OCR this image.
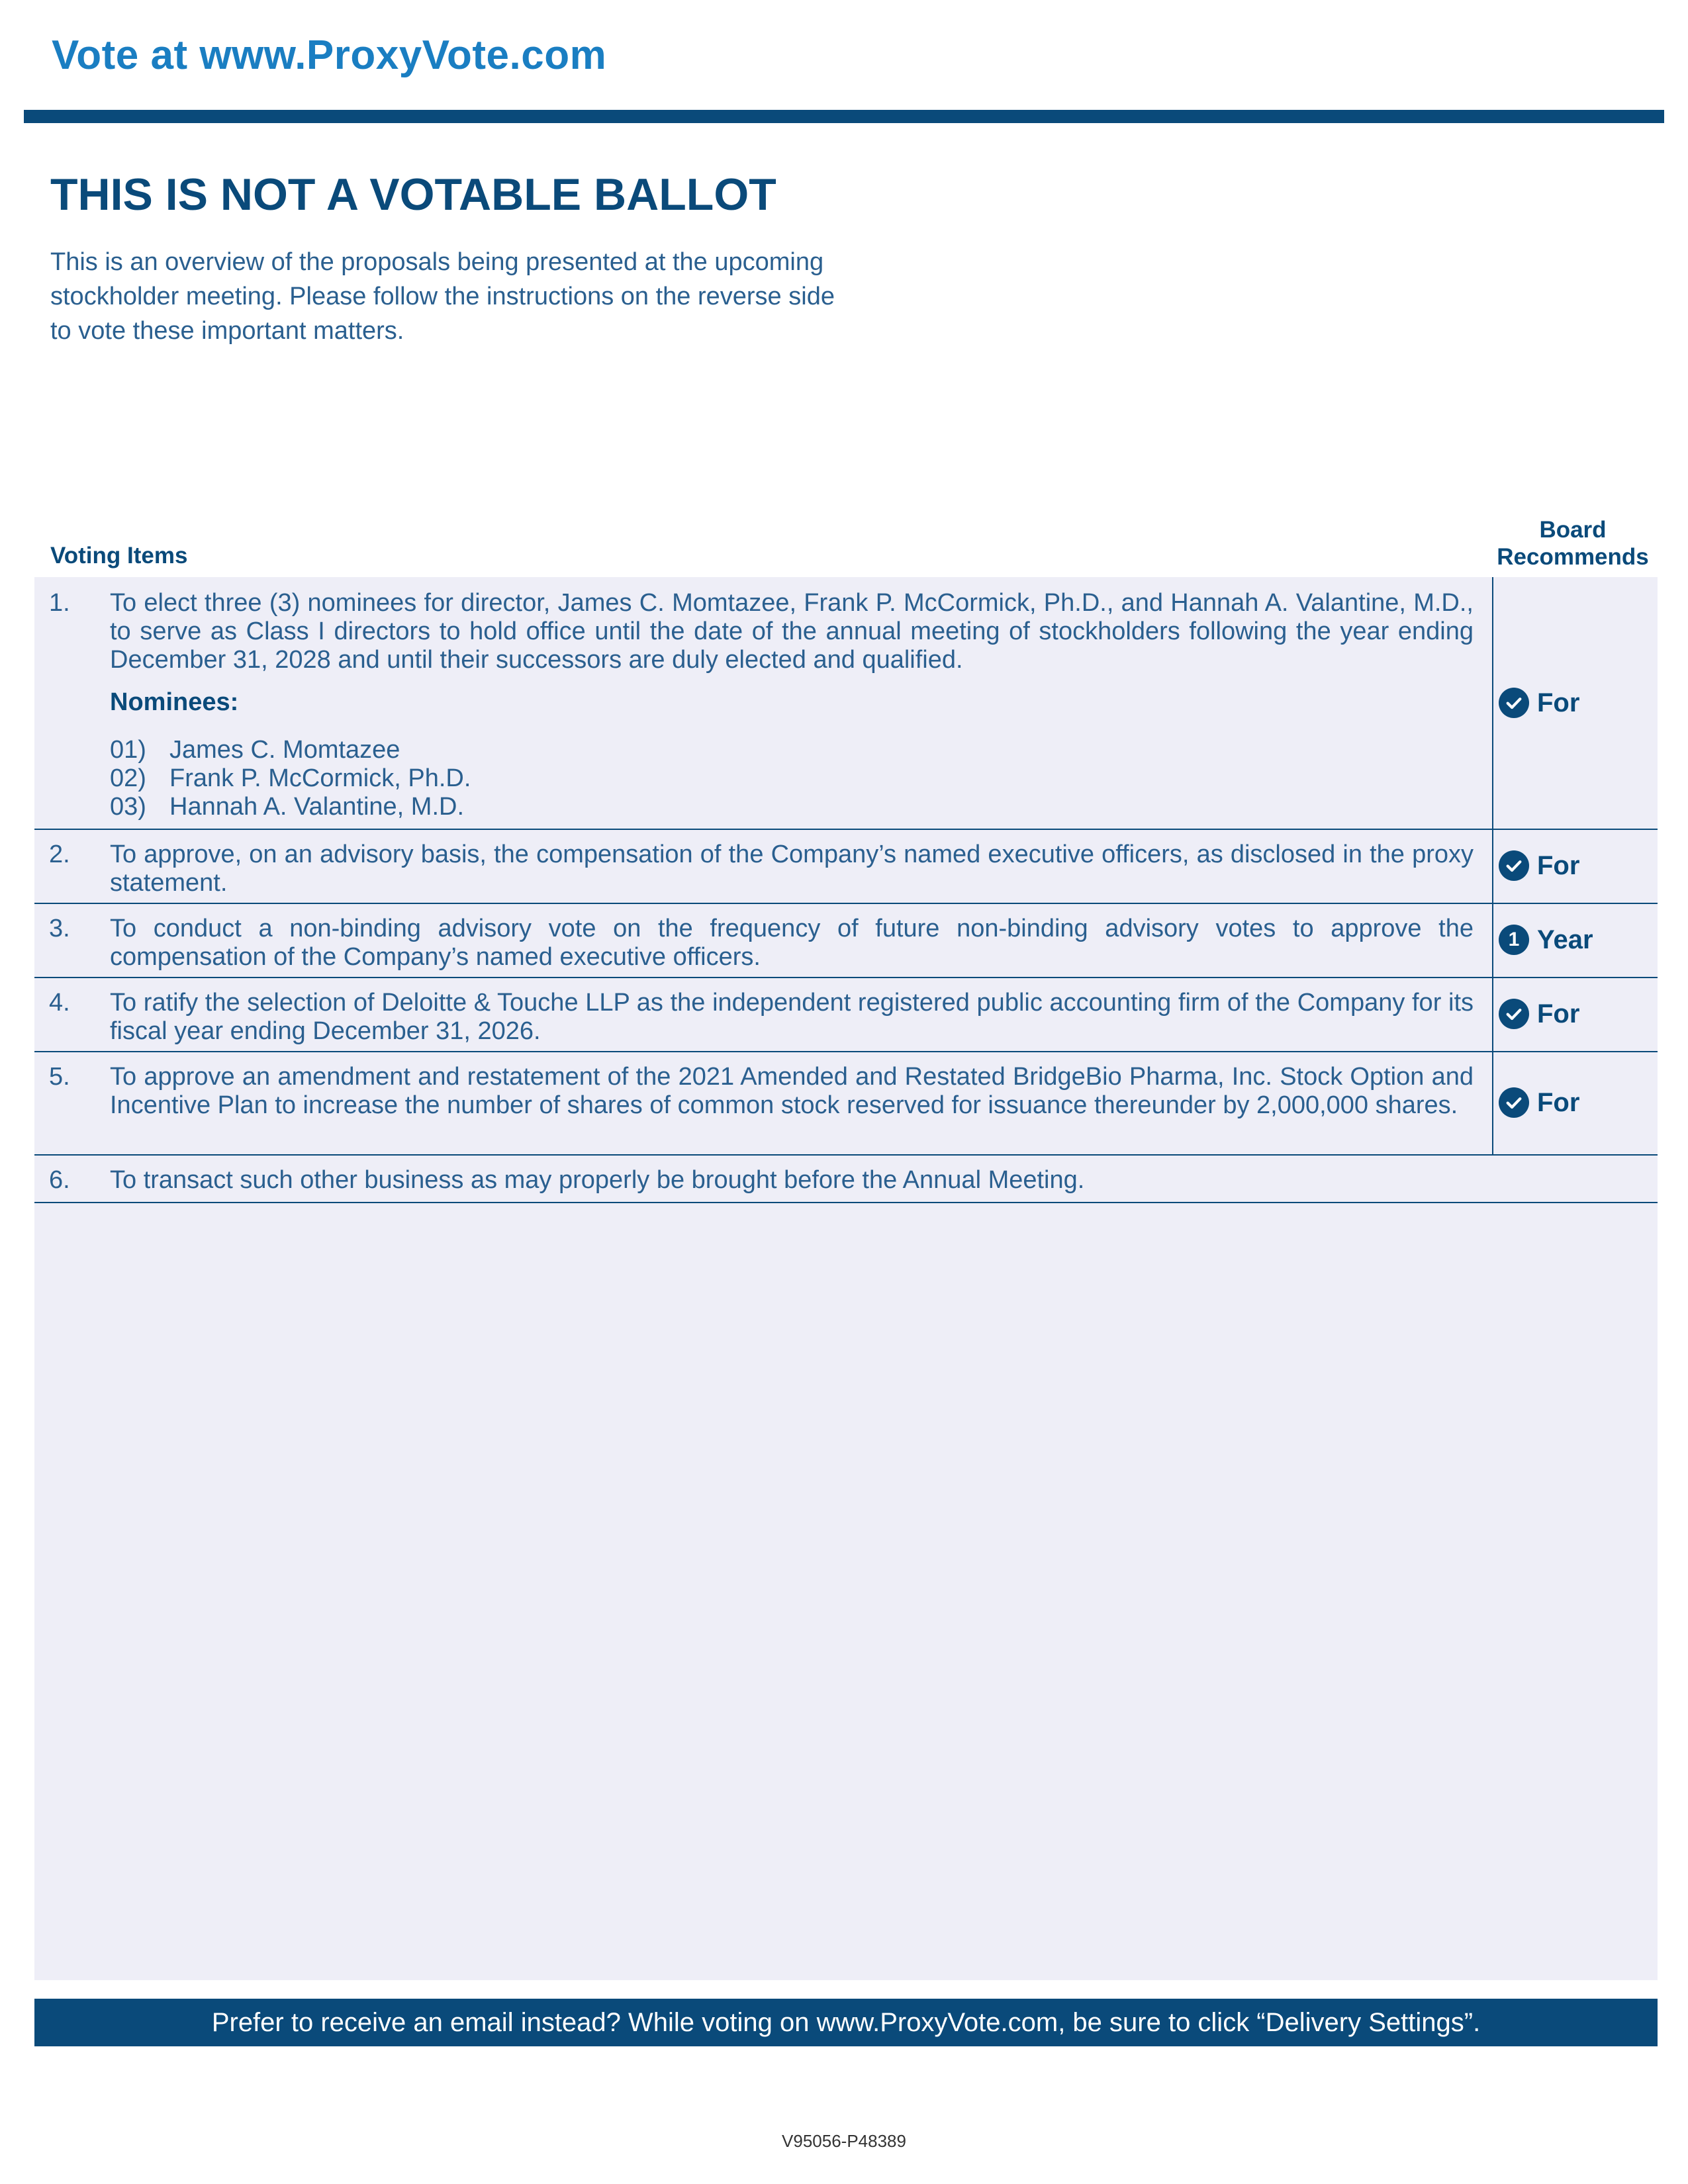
Vote at www.ProxyVote.com
THIS IS NOT A VOTABLE BALLOT
This is an overview of the proposals being presented at the upcoming stockholder meeting. Please follow the instructions on the reverse side to vote these important matters.
Voting Items
Board
Recommends
1. To elect three (3) nominees for director, James C. Momtazee, Frank P. McCormick, Ph.D., and Hannah A. Valantine, M.D., to serve as Class I directors to hold office until the date of the annual meeting of stockholders following the year ending December 31, 2028 and until their successors are duly elected and qualified.
Nominees:
01) James C. Momtazee
02) Frank P. McCormick, Ph.D.
03) Hannah A. Valantine, M.D.
For
2. To approve, on an advisory basis, the compensation of the Company’s named executive officers, as disclosed in the proxy statement.
For
3. To conduct a non-binding advisory vote on the frequency of future non-binding advisory votes to approve the compensation of the Company’s named executive officers.
1 Year
4. To ratify the selection of Deloitte & Touche LLP as the independent registered public accounting firm of the Company for its fiscal year ending December 31, 2026.
For
5. To approve an amendment and restatement of the 2021 Amended and Restated BridgeBio Pharma, Inc. Stock Option and Incentive Plan to increase the number of shares of common stock reserved for issuance thereunder by 2,000,000 shares.	For
6. To transact such other business as may properly be brought before the Annual Meeting.
Prefer to receive an email instead? While voting on www.ProxyVote.com, be sure to click “Delivery Settings”.
V95056-P48389
